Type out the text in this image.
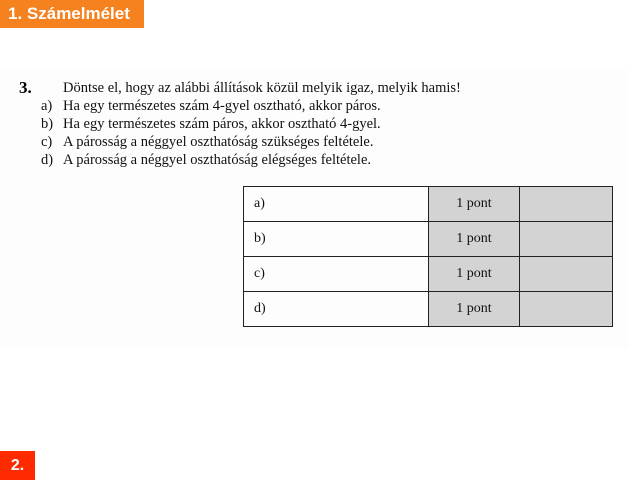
1. Számelmélet
3. Döntse el, hogy az alábbi állítások közül melyik igaz, melyik hamis!
a) Ha egy természetes szám 4-gyel osztható, akkor páros.
b) Ha egy természetes szám páros, akkor osztható 4-gyel.
c) A párosság a néggyel oszthatóság szükséges feltétele.
d) A párosság a néggyel oszthatóság elégséges feltétele.
a)	1 pont	
b)	1 pont	
c)	1 pont	
d)	1 pont	
2.
